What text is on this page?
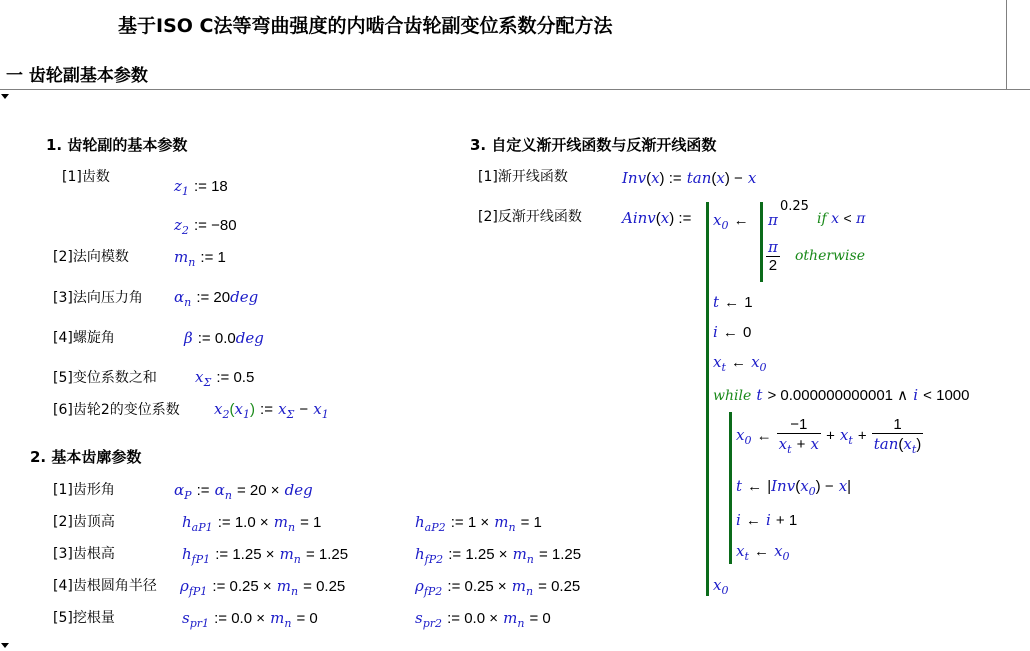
基于ISO C法等弯曲强度的内啮合齿轮副变位系数分配方法
一 齿轮副基本参数
1. 齿轮副的基本参数
[1]齿数	$z_1$ := 18
$z_2$ := −80
[2]法向模数	$m_n$ := 1
[3]法向压力角 $\alpha_n$ := 20deg
[4]螺旋角	β := 0.0deg
[5]变位系数之和	$x_\Sigma$ := 0.5
[6]齿轮2的变位系数 $x_2(x_1)$ := $x_\Sigma - x_1$
2. 基本齿廓参数
[1]齿形角	$\alpha_P$ := $\alpha_n = 20$ × deg
[2]齿顶高	$h_{aP1}$ := $1.0 \times m_n = 1$	$h_{aP2}$ := $1 \times m_n = 1$
[3]齿根高	$h_{fP1}$ := $1.25 \times m_n = 1.25$	$h_{fP2}$ := $1.25 \times m_n = 1.25$
[4]齿根圆角半径 $\rho_{fP1}$ := $0.25 \times m_n = 0.25$	$\rho_{fP2}$ := $0.25 \times m_n = 0.25$
[5]挖根量	$s_{pr1}$ := $0.0 \times m_n = 0$	$s_{pr2}$ := $0.0 \times m_n = 0$
3. 自定义渐开线函数与反渐开线函数
[1]渐开线函数	Inv(x) := tan(x) − x
[2]反渐开线函数	Ainv(x) := $x_0$ ← π
0.25
if x < π
$\frac{\pi}{2}$ otherwise
t ← 1
i ← 0
$x_t$ ← $x_0$
while t > 0.000000000001 ∧ i < 1000
$x_0$ ← $\frac{-1}{x_t + x} + x_t + \frac{1}{\tan(x_t)}$
t ← $|Inv(x_0) - x|$
i ← i + 1
$x_t$ ← $x_0$
$x_0$
